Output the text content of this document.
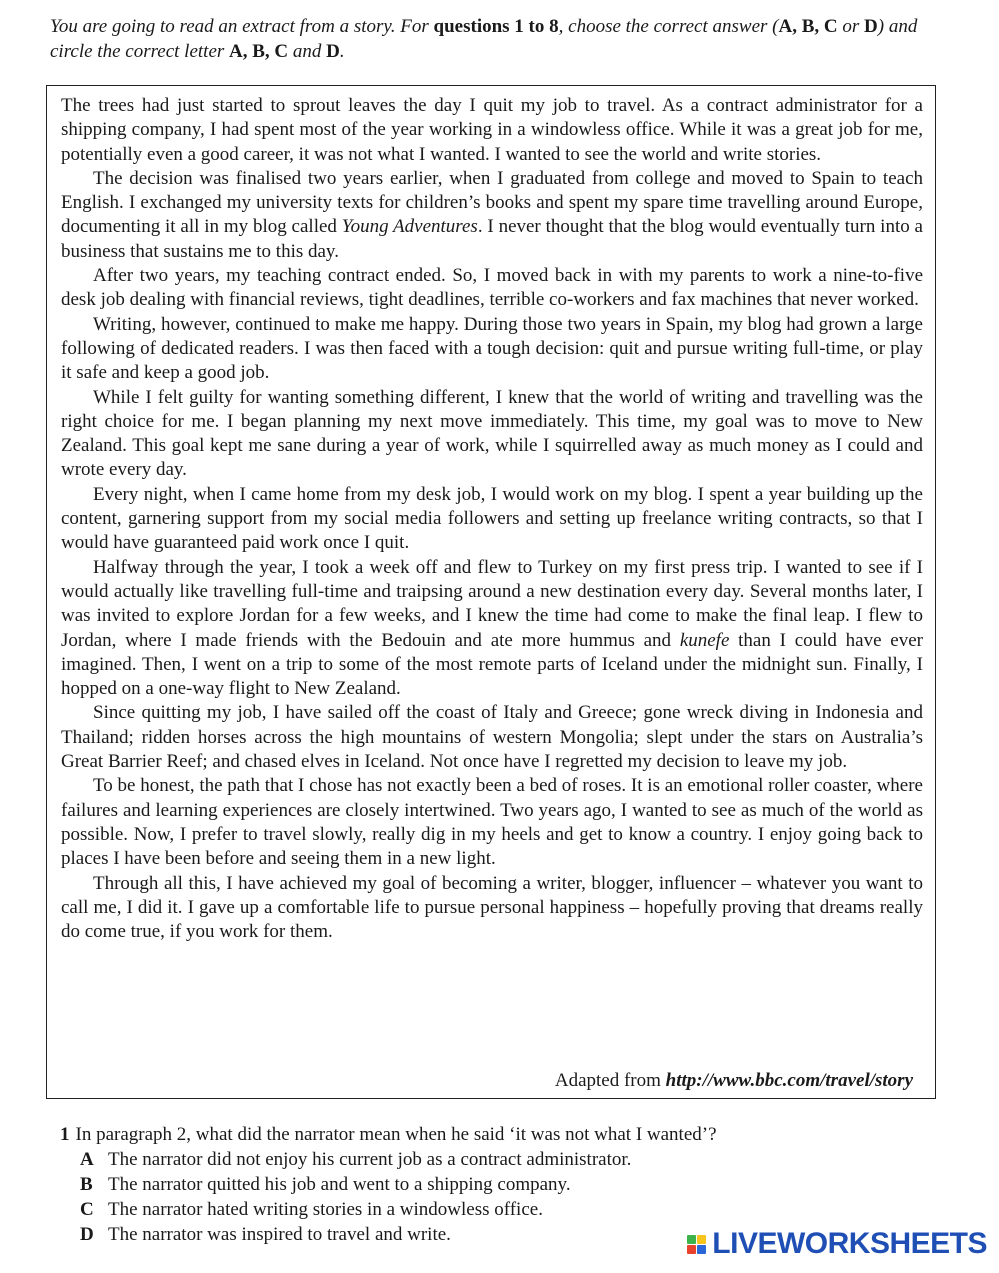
You are going to read an extract from a story. For questions 1 to 8, choose the correct answer (A, B, C or D) and circle the correct letter A, B, C and D.

The trees had just started to sprout leaves the day I quit my job to travel. As a contract administrator for a shipping company, I had spent most of the year working in a windowless office. While it was a great job for me, potentially even a good career, it was not what I wanted. I wanted to see the world and write stories.

The decision was finalised two years earlier, when I graduated from college and moved to Spain to teach English. I exchanged my university texts for children’s books and spent my spare time travelling around Europe, documenting it all in my blog called Young Adventures. I never thought that the blog would eventually turn into a business that sustains me to this day.

After two years, my teaching contract ended. So, I moved back in with my parents to work a nine-to-five desk job dealing with financial reviews, tight deadlines, terrible co-workers and fax machines that never worked.

Writing, however, continued to make me happy. During those two years in Spain, my blog had grown a large following of dedicated readers. I was then faced with a tough decision: quit and pursue writing full-time, or play it safe and keep a good job.

While I felt guilty for wanting something different, I knew that the world of writing and travelling was the right choice for me. I began planning my next move immediately. This time, my goal was to move to New Zealand. This goal kept me sane during a year of work, while I squirrelled away as much money as I could and wrote every day.

Every night, when I came home from my desk job, I would work on my blog. I spent a year building up the content, garnering support from my social media followers and setting up freelance writing contracts, so that I would have guaranteed paid work once I quit.

Halfway through the year, I took a week off and flew to Turkey on my first press trip. I wanted to see if I would actually like travelling full-time and traipsing around a new destination every day. Several months later, I was invited to explore Jordan for a few weeks, and I knew the time had come to make the final leap. I flew to Jordan, where I made friends with the Bedouin and ate more hummus and kunefe than I could have ever imagined. Then, I went on a trip to some of the most remote parts of Iceland under the midnight sun. Finally, I hopped on a one-way flight to New Zealand.

Since quitting my job, I have sailed off the coast of Italy and Greece; gone wreck diving in Indonesia and Thailand; ridden horses across the high mountains of western Mongolia; slept under the stars on Australia’s Great Barrier Reef; and chased elves in Iceland. Not once have I regretted my decision to leave my job.

To be honest, the path that I chose has not exactly been a bed of roses. It is an emotional roller coaster, where failures and learning experiences are closely intertwined. Two years ago, I wanted to see as much of the world as possible. Now, I prefer to travel slowly, really dig in my heels and get to know a country. I enjoy going back to places I have been before and seeing them in a new light.

Through all this, I have achieved my goal of becoming a writer, blogger, influencer – whatever you want to call me, I did it. I gave up a comfortable life to pursue personal happiness – hopefully proving that dreams really do come true, if you work for them.

Adapted from http://www.bbc.com/travel/story
1 In paragraph 2, what did the narrator mean when he said ‘it was not what I wanted’?
A The narrator did not enjoy his current job as a contract administrator.
B The narrator quitted his job and went to a shipping company.
C The narrator hated writing stories in a windowless office.
D The narrator was inspired to travel and write.	LIVEWORKSHEETS
